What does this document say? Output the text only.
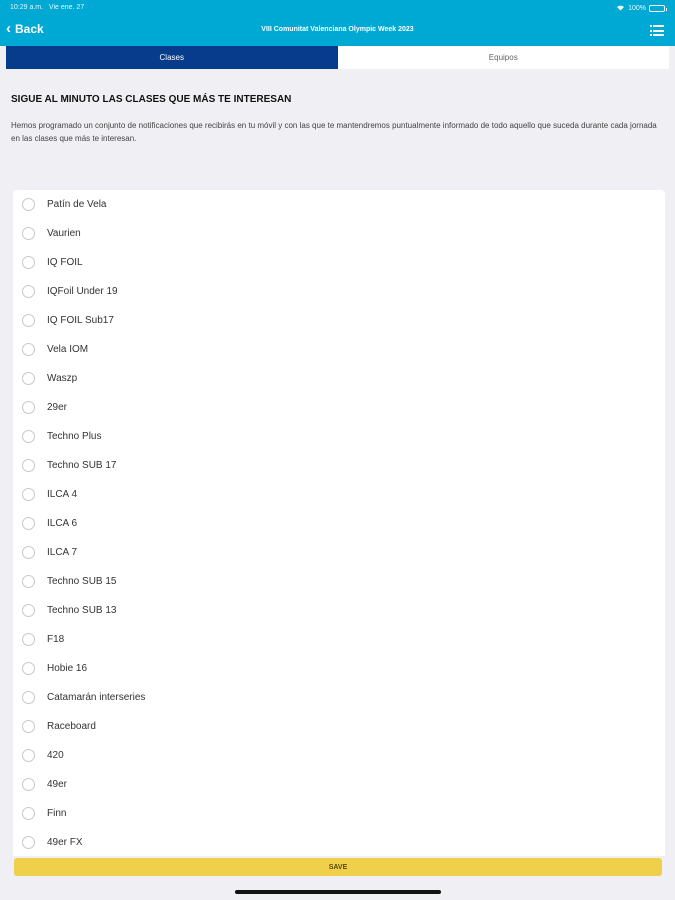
10:29 a.m. Vie ene. 27	100%
‹ Back	VIII Comunitat Valenciana Olympic Week 2023
Clases	Equipos
SIGUE AL MINUTO LAS CLASES QUE MÁS TE INTERESAN
Hemos programado un conjunto de notificaciones que recibirás en tu móvil y con las que te mantendremos puntualmente informado de todo aquello que suceda durante cada jornada en las clases que más te interesan.
Patín de Vela
Vaurien
IQ FOIL
IQFoil Under 19
IQ FOIL Sub17
Vela IOM
Waszp
29er
Techno Plus
Techno SUB 17
ILCA 4
ILCA 6
ILCA 7
Techno SUB 15
Techno SUB 13
F18
Hobie 16
Catamarán interseries
Raceboard
420
49er
Finn
49er FX
SAVE
